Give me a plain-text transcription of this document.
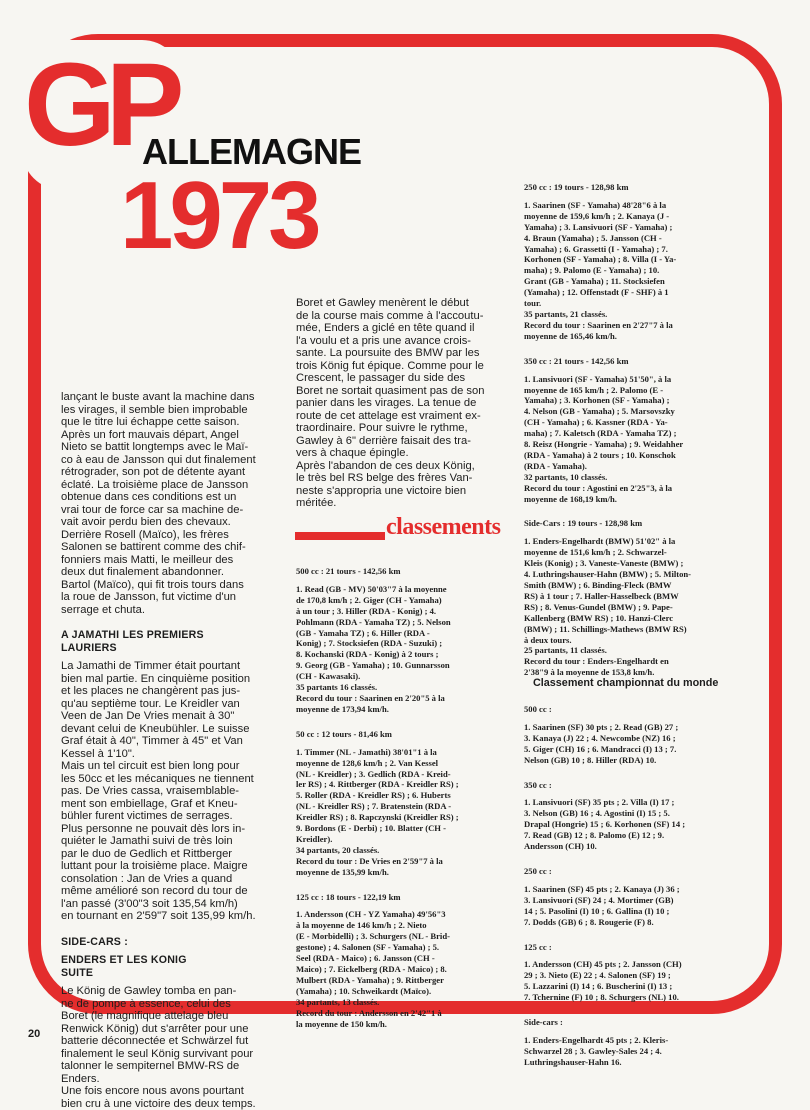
GP
ALLEMAGNE
1973

lançant le buste avant la machine dans
les virages, il semble bien improbable
que le titre lui échappe cette saison.
Après un fort mauvais départ, Angel
Nieto se battit longtemps avec le Maï-
co à eau de Jansson qui dut finalement
rétrograder, son pot de détente ayant
éclaté. La troisième place de Jansson
obtenue dans ces conditions est un
vrai tour de force car sa machine de-
vait avoir perdu bien des chevaux.
Derrière Rosell (Maïco), les frères
Salonen se battirent comme des chif-
fonniers mais Matti, le meilleur des
deux dut finalement abandonner.
Bartol (Maïco), qui fit trois tours dans
la roue de Jansson, fut victime d'un
serrage et chuta.

A JAMATHI LES PREMIERS
LAURIERS

La Jamathi de Timmer était pourtant
bien mal partie. En cinquième position
et les places ne changèrent pas jus-
qu'au septième tour. Le Kreidler van
Veen de Jan De Vries menait à 30"
devant celui de Kneubühler. Le suisse
Graf était à 40", Timmer à 45" et Van
Kessel à 1'10".
Mais un tel circuit est bien long pour
les 50cc et les mécaniques ne tiennent
pas. De Vries cassa, vraisemblable-
ment son embiellage, Graf et Kneu-
bühler furent victimes de serrages.
Plus personne ne pouvait dès lors in-
quiéter le Jamathi suivi de très loin
par le duo de Gedlich et Rittberger
luttant pour la troisième place. Maigre
consolation : Jan de Vries a quand
même amélioré son record du tour de
l'an passé (3'00"3 soit 135,54 km/h)
en tournant en 2'59"7 soit 135,99 km/h.

SIDE-CARS :

ENDERS ET LES KONIG
SUITE

Le König de Gawley tomba en pan-
ne de pompe à essence, celui des
Boret (le magnifique attelage bleu
Renwick König) dut s'arrêter pour une
batterie déconnectée et Schwärzel fut
finalement le seul König survivant pour
talonner le sempiternel BMW-RS de
Enders.
Une fois encore nous avons pourtant
bien cru à une victoire des deux temps.

Boret et Gawley menèrent le début
de la course mais comme à l'accoutu-
mée, Enders a giclé en tête quand il
l'a voulu et a pris une avance crois-
sante. La poursuite des BMW par les
trois König fut épique. Comme pour le
Crescent, le passager du side des
Boret ne sortait quasiment pas de son
panier dans les virages. La tenue de
route de cet attelage est vraiment ex-
traordinaire. Pour suivre le rythme,
Gawley à 6" derrière faisait des tra-
vers à chaque épingle.
Après l'abandon de ces deux König,
le très bel RS belge des frères Van-
neste s'appropria une victoire bien
méritée.

classements

500 cc : 21 tours - 142,56 km

1. Read (GB - MV) 50'03"7 à la moyenne
de 170,8 km/h ; 2. Giger (CH - Yamaha)
à un tour ; 3. Hiller (RDA - Konig) ; 4.
Pohlmann (RDA - Yamaha TZ) ; 5. Nelson
(GB - Yamaha TZ) ; 6. Hiller (RDA -
Konig) ; 7. Stocksiefen (RDA - Suzuki) ;
8. Kochanski (RDA - Konig) à 2 tours ;
9. Georg (GB - Yamaha) ; 10. Gunnarsson
(CH - Kawasaki).
35 partants 16 classés.
Record du tour : Saarinen en 2'20"5 à la
moyenne de 173,94 km/h.

50 cc : 12 tours - 81,46 km

1. Timmer (NL - Jamathi) 38'01"1 à la
moyenne de 128,6 km/h ; 2. Van Kessel
(NL - Kreidler) ; 3. Gedlich (RDA - Kreid-
ler RS) ; 4. Rittberger (RDA - Kreidler RS) ;
5. Roller (RDA - Kreidler RS) ; 6. Huberts
(NL - Kreidler RS) ; 7. Bratenstein (RDA -
Kreidler RS) ; 8. Rapczynski (Kreidler RS) ;
9. Bordons (E - Derbi) ; 10. Blatter (CH -
Kreidler).
34 partants, 20 classés.
Record du tour : De Vries en 2'59"7 à la
moyenne de 135,99 km/h.

125 cc : 18 tours - 122,19 km

1. Andersson (CH - YZ Yamaha) 49'56"3
à la moyenne de 146 km/h ; 2. Nieto
(E - Morbidelli) ; 3. Schurgers (NL - Brid-
gestone) ; 4. Salonen (SF - Yamaha) ; 5.
Seel (RDA - Maico) ; 6. Jansson (CH -
Maico) ; 7. Eickelberg (RDA - Maico) ; 8.
Mulbert (RDA - Yamaha) ; 9. Rittberger
(Yamaha) ; 10. Schweikardt (Maïco).
34 partants, 13 classés.
Record du tour : Andersson en 2'42"1 à
la moyenne de 150 km/h.

250 cc : 19 tours - 128,98 km

1. Saarinen (SF - Yamaha) 48'28"6 à la
moyenne de 159,6 km/h ; 2. Kanaya (J -
Yamaha) ; 3. Lansivuori (SF - Yamaha) ;
4. Braun (Yamaha) ; 5. Jansson (CH -
Yamaha) ; 6. Grassetti (I - Yamaha) ; 7.
Korhonen (SF - Yamaha) ; 8. Villa (I - Ya-
maha) ; 9. Palomo (E - Yamaha) ; 10.
Grant (GB - Yamaha) ; 11. Stocksiefen
(Yamaha) ; 12. Offenstadt (F - SHF) à 1
tour.
35 partants, 21 classés.
Record du tour : Saarinen en 2'27"7 à la
moyenne de 165,46 km/h.

350 cc : 21 tours - 142,56 km

1. Lansivuori (SF - Yamaha) 51'50", à la
moyenne de 165 km/h ; 2. Palomo (E -
Yamaha) ; 3. Korhonen (SF - Yamaha) ;
4. Nelson (GB - Yamaha) ; 5. Marsovszky
(CH - Yamaha) ; 6. Kassner (RDA - Ya-
maha) ; 7. Kaletsch (RDA - Yamaha TZ) ;
8. Reisz (Hongrie - Yamaha) ; 9. Weidahher
(RDA - Yamaha) à 2 tours ; 10. Konschok
(RDA - Yamaha).
32 partants, 10 classés.
Record du tour : Agostini en 2'25"3, à la
moyenne de 168,19 km/h.

Side-Cars : 19 tours - 128,98 km

1. Enders-Engelhardt (BMW) 51'02" à la
moyenne de 151,6 km/h ; 2. Schwarzel-
Kleis (Konig) ; 3. Vaneste-Vaneste (BMW) ;
4. Luthringshauser-Hahn (BMW) ; 5. Milton-
Smith (BMW) ; 6. Binding-Fleck (BMW
RS) à 1 tour ; 7. Haller-Hasselbeck (BMW
RS) ; 8. Venus-Gundel (BMW) ; 9. Pape-
Kallenberg (BMW RS) ; 10. Hanzi-Clerc
(BMW) ; 11. Schillings-Mathews (BMW RS)
à deux tours.
25 partants, 11 classés.
Record du tour : Enders-Engelhardt en
2'38"9 à la moyenne de 153,8 km/h.

Classement championnat du monde

500 cc :

1. Saarinen (SF) 30 pts ; 2. Read (GB) 27 ;
3. Kanaya (J) 22 ; 4. Newcombe (NZ) 16 ;
5. Giger (CH) 16 ; 6. Mandracci (I) 13 ; 7.
Nelson (GB) 10 ; 8. Hiller (RDA) 10.

350 cc :

1. Lansivuori (SF) 35 pts ; 2. Villa (I) 17 ;
3. Nelson (GB) 16 ; 4. Agostini (I) 15 ; 5.
Drapal (Hongrie) 15 ; 6. Korhonen (SF) 14 ;
7. Read (GB) 12 ; 8. Palomo (E) 12 ; 9.
Andersson (CH) 10.

250 cc :

1. Saarinen (SF) 45 pts ; 2. Kanaya (J) 36 ;
3. Lansivuori (SF) 24 ; 4. Mortimer (GB)
14 ; 5. Pasolini (I) 10 ; 6. Gallina (I) 10 ;
7. Dodds (GB) 6 ; 8. Rougerie (F) 8.

125 cc :

1. Andersson (CH) 45 pts ; 2. Jansson (CH)
29 ; 3. Nieto (E) 22 ; 4. Salonen (SF) 19 ;
5. Lazzarini (I) 14 ; 6. Buscherini (I) 13 ;
7. Tchernine (F) 10 ; 8. Schurgers (NL) 10.

Side-cars :

1. Enders-Engelhardt 45 pts ; 2. Kleris-
Schwarzel 28 ; 3. Gawley-Sales 24 ; 4.
Luthringshauser-Hahn 16.

20
